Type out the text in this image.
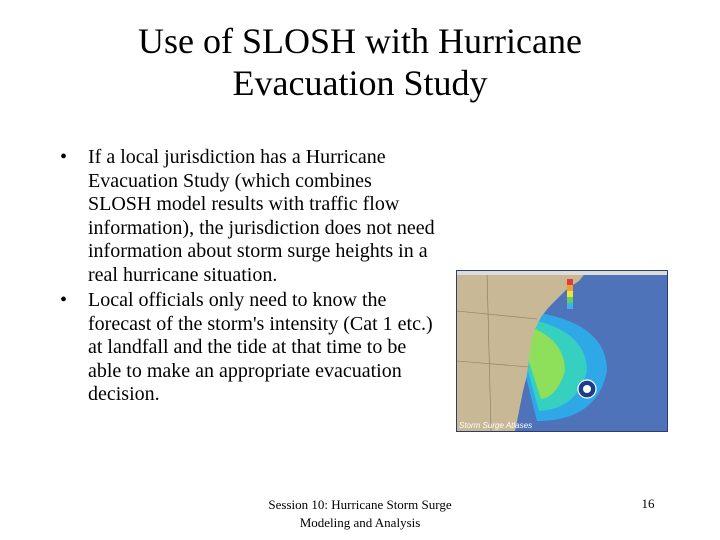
Use of SLOSH with Hurricane
Evacuation Study
• If a local jurisdiction has a Hurricane Evacuation Study (which combines SLOSH model results with traffic flow information), the jurisdiction does not need information about storm surge heights in a real hurricane situation.
• Local officials only need to know the forecast of the storm's intensity (Cat 1 etc.) at landfall and the tide at that time to be able to make an appropriate evacuation decision.
Storm Surge Atlases
Session 10: Hurricane Storm Surge
Modeling and Analysis
16
